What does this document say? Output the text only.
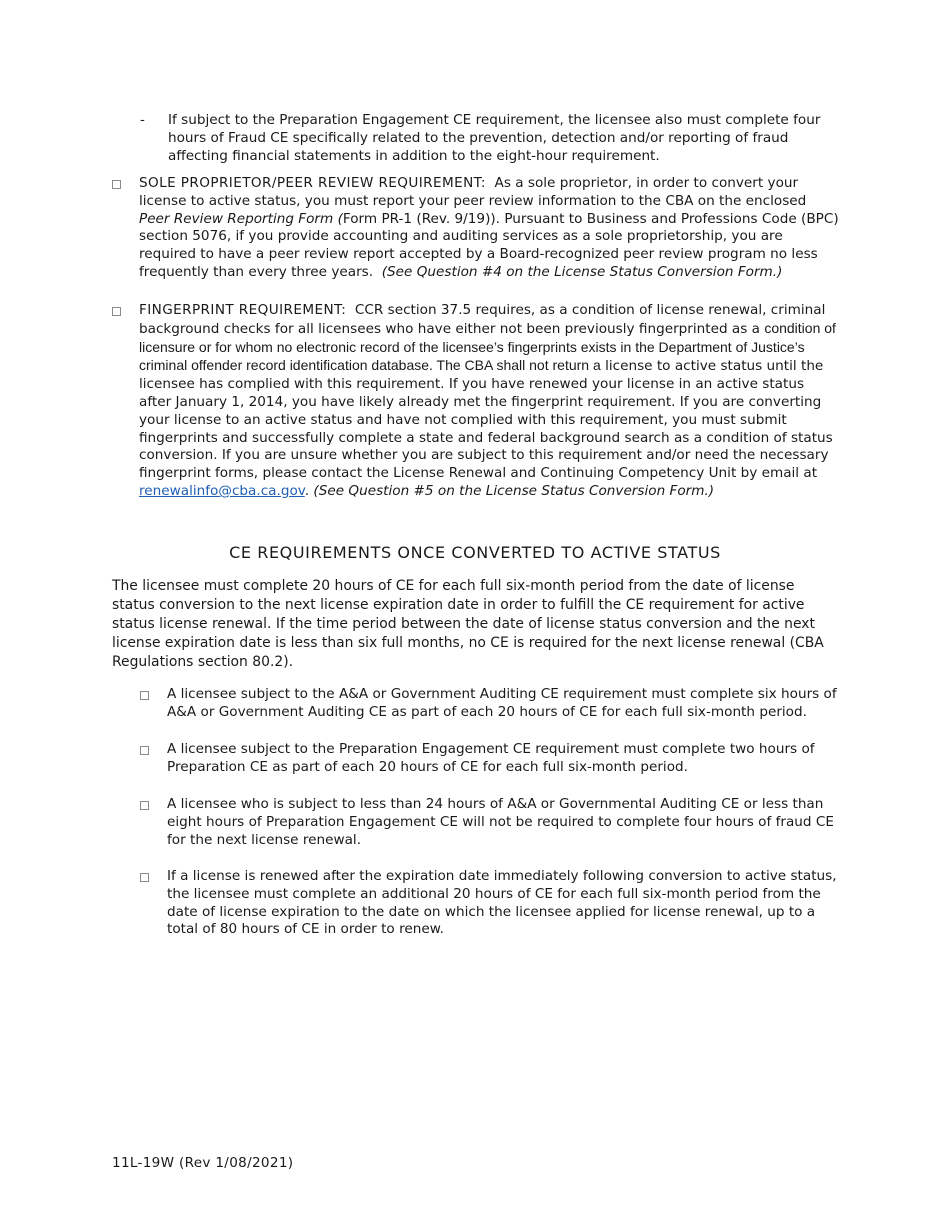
-	If subject to the Preparation Engagement CE requirement, the licensee also must complete four hours of Fraud CE specifically related to the prevention, detection and/or reporting of fraud affecting financial statements in addition to the eight-hour requirement.
SOLE PROPRIETOR/PEER REVIEW REQUIREMENT: As a sole proprietor, in order to convert your license to active status, you must report your peer review information to the CBA on the enclosed Peer Review Reporting Form (Form PR-1 (Rev. 9/19)). Pursuant to Business and Professions Code (BPC) section 5076, if you provide accounting and auditing services as a sole proprietorship, you are required to have a peer review report accepted by a Board-recognized peer review program no less frequently than every three years. (See Question #4 on the License Status Conversion Form.)
FINGERPRINT REQUIREMENT: CCR section 37.5 requires, as a condition of license renewal, criminal background checks for all licensees who have either not been previously fingerprinted as a condition of licensure or for whom no electronic record of the licensee’s fingerprints exists in the Department of Justice’s criminal offender record identification database. The CBA shall not return a license to active status until the licensee has complied with this requirement. If you have renewed your license in an active status after January 1, 2014, you have likely already met the fingerprint requirement. If you are converting your license to an active status and have not complied with this requirement, you must submit fingerprints and successfully complete a state and federal background search as a condition of status conversion. If you are unsure whether you are subject to this requirement and/or need the necessary fingerprint forms, please contact the License Renewal and Continuing Competency Unit by email at renewalinfo@cba.ca.gov. (See Question #5 on the License Status Conversion Form.)
CE REQUIREMENTS ONCE CONVERTED TO ACTIVE STATUS
The licensee must complete 20 hours of CE for each full six-month period from the date of license status conversion to the next license expiration date in order to fulfill the CE requirement for active status license renewal. If the time period between the date of license status conversion and the next license expiration date is less than six full months, no CE is required for the next license renewal (CBA Regulations section 80.2).
A licensee subject to the A&A or Government Auditing CE requirement must complete six hours of A&A or Government Auditing CE as part of each 20 hours of CE for each full six-month period.
A licensee subject to the Preparation Engagement CE requirement must complete two hours of Preparation CE as part of each 20 hours of CE for each full six-month period.
A licensee who is subject to less than 24 hours of A&A or Governmental Auditing CE or less than eight hours of Preparation Engagement CE will not be required to complete four hours of fraud CE for the next license renewal.
If a license is renewed after the expiration date immediately following conversion to active status, the licensee must complete an additional 20 hours of CE for each full six-month period from the date of license expiration to the date on which the licensee applied for license renewal, up to a total of 80 hours of CE in order to renew.
11L-19W (Rev 1/08/2021)
